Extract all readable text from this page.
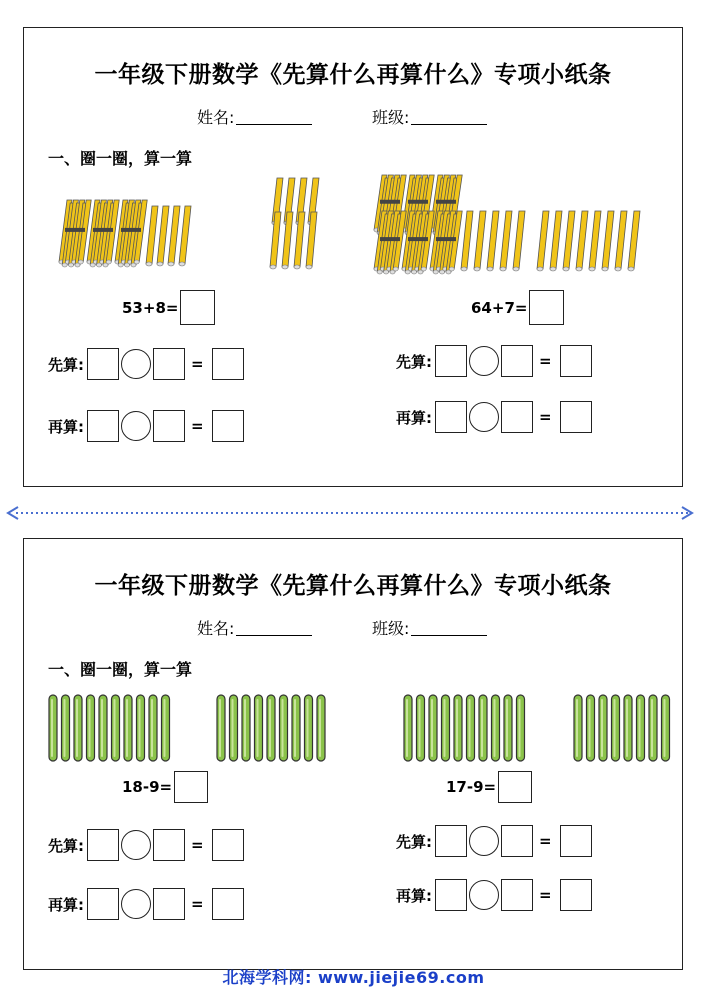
一年级下册数学《先算什么再算什么》专项小纸条
姓名:	班级:
一、圈一圈，算一算
53+8=	64+7=
先算:	=	先算:	=
再算:	=	再算:	=
一年级下册数学《先算什么再算什么》专项小纸条
姓名:	班级:
一、圈一圈，算一算
18-9=	17-9=
先算:	=	先算:	=
再算:	=	再算:	=
北海学科网: www.jiejie69.com
